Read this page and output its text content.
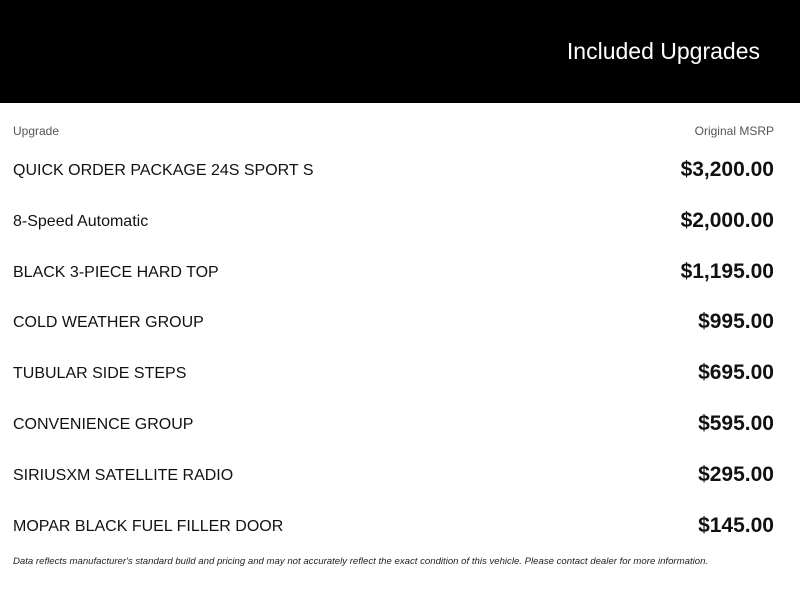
Included Upgrades
Upgrade	Original MSRP
QUICK ORDER PACKAGE 24S SPORT S	$3,200.00
8-Speed Automatic	$2,000.00
BLACK 3-PIECE HARD TOP	$1,195.00
COLD WEATHER GROUP	$995.00
TUBULAR SIDE STEPS	$695.00
CONVENIENCE GROUP	$595.00
SIRIUSXM SATELLITE RADIO	$295.00
MOPAR BLACK FUEL FILLER DOOR	$145.00
Data reflects manufacturer's standard build and pricing and may not accurately reflect the exact condition of this vehicle. Please contact dealer for more information.
